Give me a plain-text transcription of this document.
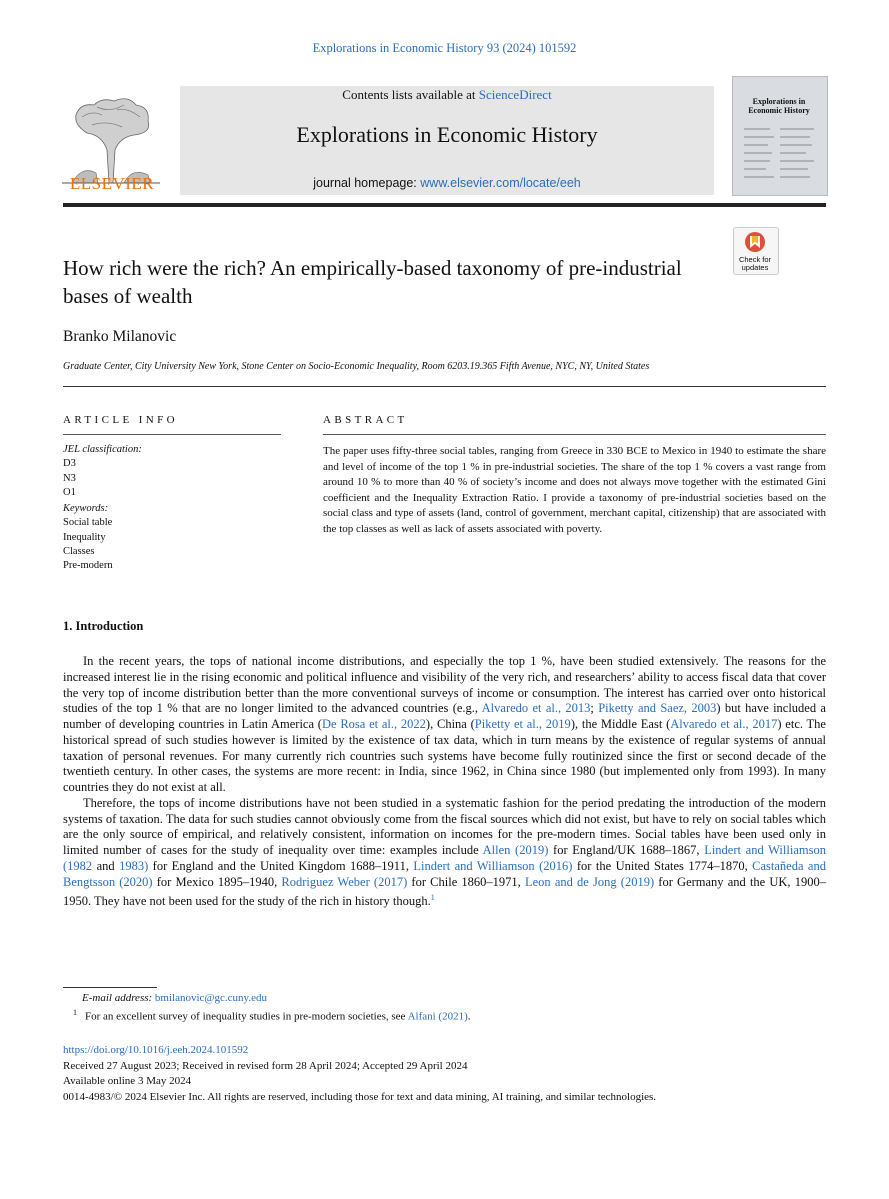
Explorations in Economic History 93 (2024) 101592
ELSEVIER
Contents lists available at ScienceDirect
Explorations in Economic History
journal homepage: www.elsevier.com/locate/eeh
Explorations in Economic History
Check for updates
How rich were the rich? An empirically-based taxonomy of pre-industrial bases of wealth
Branko Milanovic
Graduate Center, City University New York, Stone Center on Socio-Economic Inequality, Room 6203.19.365 Fifth Avenue, NYC, NY, United States
ARTICLE INFO
JEL classification:
D3
N3
O1
Keywords:
Social table
Inequality
Classes
Pre-modern
ABSTRACT
The paper uses fifty-three social tables, ranging from Greece in 330 BCE to Mexico in 1940 to estimate the share and level of income of the top 1 % in pre-industrial societies. The share of the top 1 % covers a vast range from around 10 % to more than 40 % of society’s income and does not always move together with the estimated Gini coefficient and the Inequality Extraction Ratio. I provide a taxonomy of pre-industrial societies based on the social class and type of assets (land, control of government, merchant capital, citizenship) that are associated with the top classes as well as lack of assets associated with poverty.
1. Introduction

In the recent years, the tops of national income distributions, and especially the top 1 %, have been studied extensively. The reasons for the increased interest lie in the rising economic and political influence and visibility of the very rich, and researchers’ ability to access fiscal data that cover the very top of income distribution better than the more conventional surveys of income or consumption. The interest has carried over onto historical studies of the top 1 % that are no longer limited to the advanced countries (e.g., Alvaredo et al., 2013; Piketty and Saez, 2003) but have included a number of developing countries in Latin America (De Rosa et al., 2022), China (Piketty et al., 2019), the Middle East (Alvaredo et al., 2017) etc. The historical spread of such studies however is limited by the existence of tax data, which in turn means by the existence of regular systems of annual taxation of personal revenues. For many currently rich countries such systems have become fully routinized since the first or second decade of the twentieth century. In other cases, the systems are more recent: in India, since 1962, in China since 1980 (but implemented only from 1993). In many countries they do not exist at all.

Therefore, the tops of income distributions have not been studied in a systematic fashion for the period predating the introduction of the modern systems of taxation. The data for such studies cannot obviously come from the fiscal sources which did not exist, but have to rely on social tables which are the only source of empirical, and relatively consistent, information on incomes for the pre-modern times. Social tables have been used only in limited number of cases for the study of inequality over time: examples include Allen (2019) for England/UK 1688–1867, Lindert and Williamson (1982 and 1983) for England and the United Kingdom 1688–1911, Lindert and Williamson (2016) for the United States 1774–1870, Castañeda and Bengtsson (2020) for Mexico 1895–1940, Rodriguez Weber (2017) for Chile 1860–1971, Leon and de Jong (2019) for Germany and the UK, 1900–1950. They have not been used for the study of the rich in history though.$^1$

E-mail address: bmilanovic@gc.cuny.edu
$^1$ For an excellent survey of inequality studies in pre-modern societies, see Alfani (2021).
https://doi.org/10.1016/j.eeh.2024.101592
Received 27 August 2023; Received in revised form 28 April 2024; Accepted 29 April 2024
Available online 3 May 2024
0014-4983/© 2024 Elsevier Inc. All rights are reserved, including those for text and data mining, AI training, and similar technologies.
